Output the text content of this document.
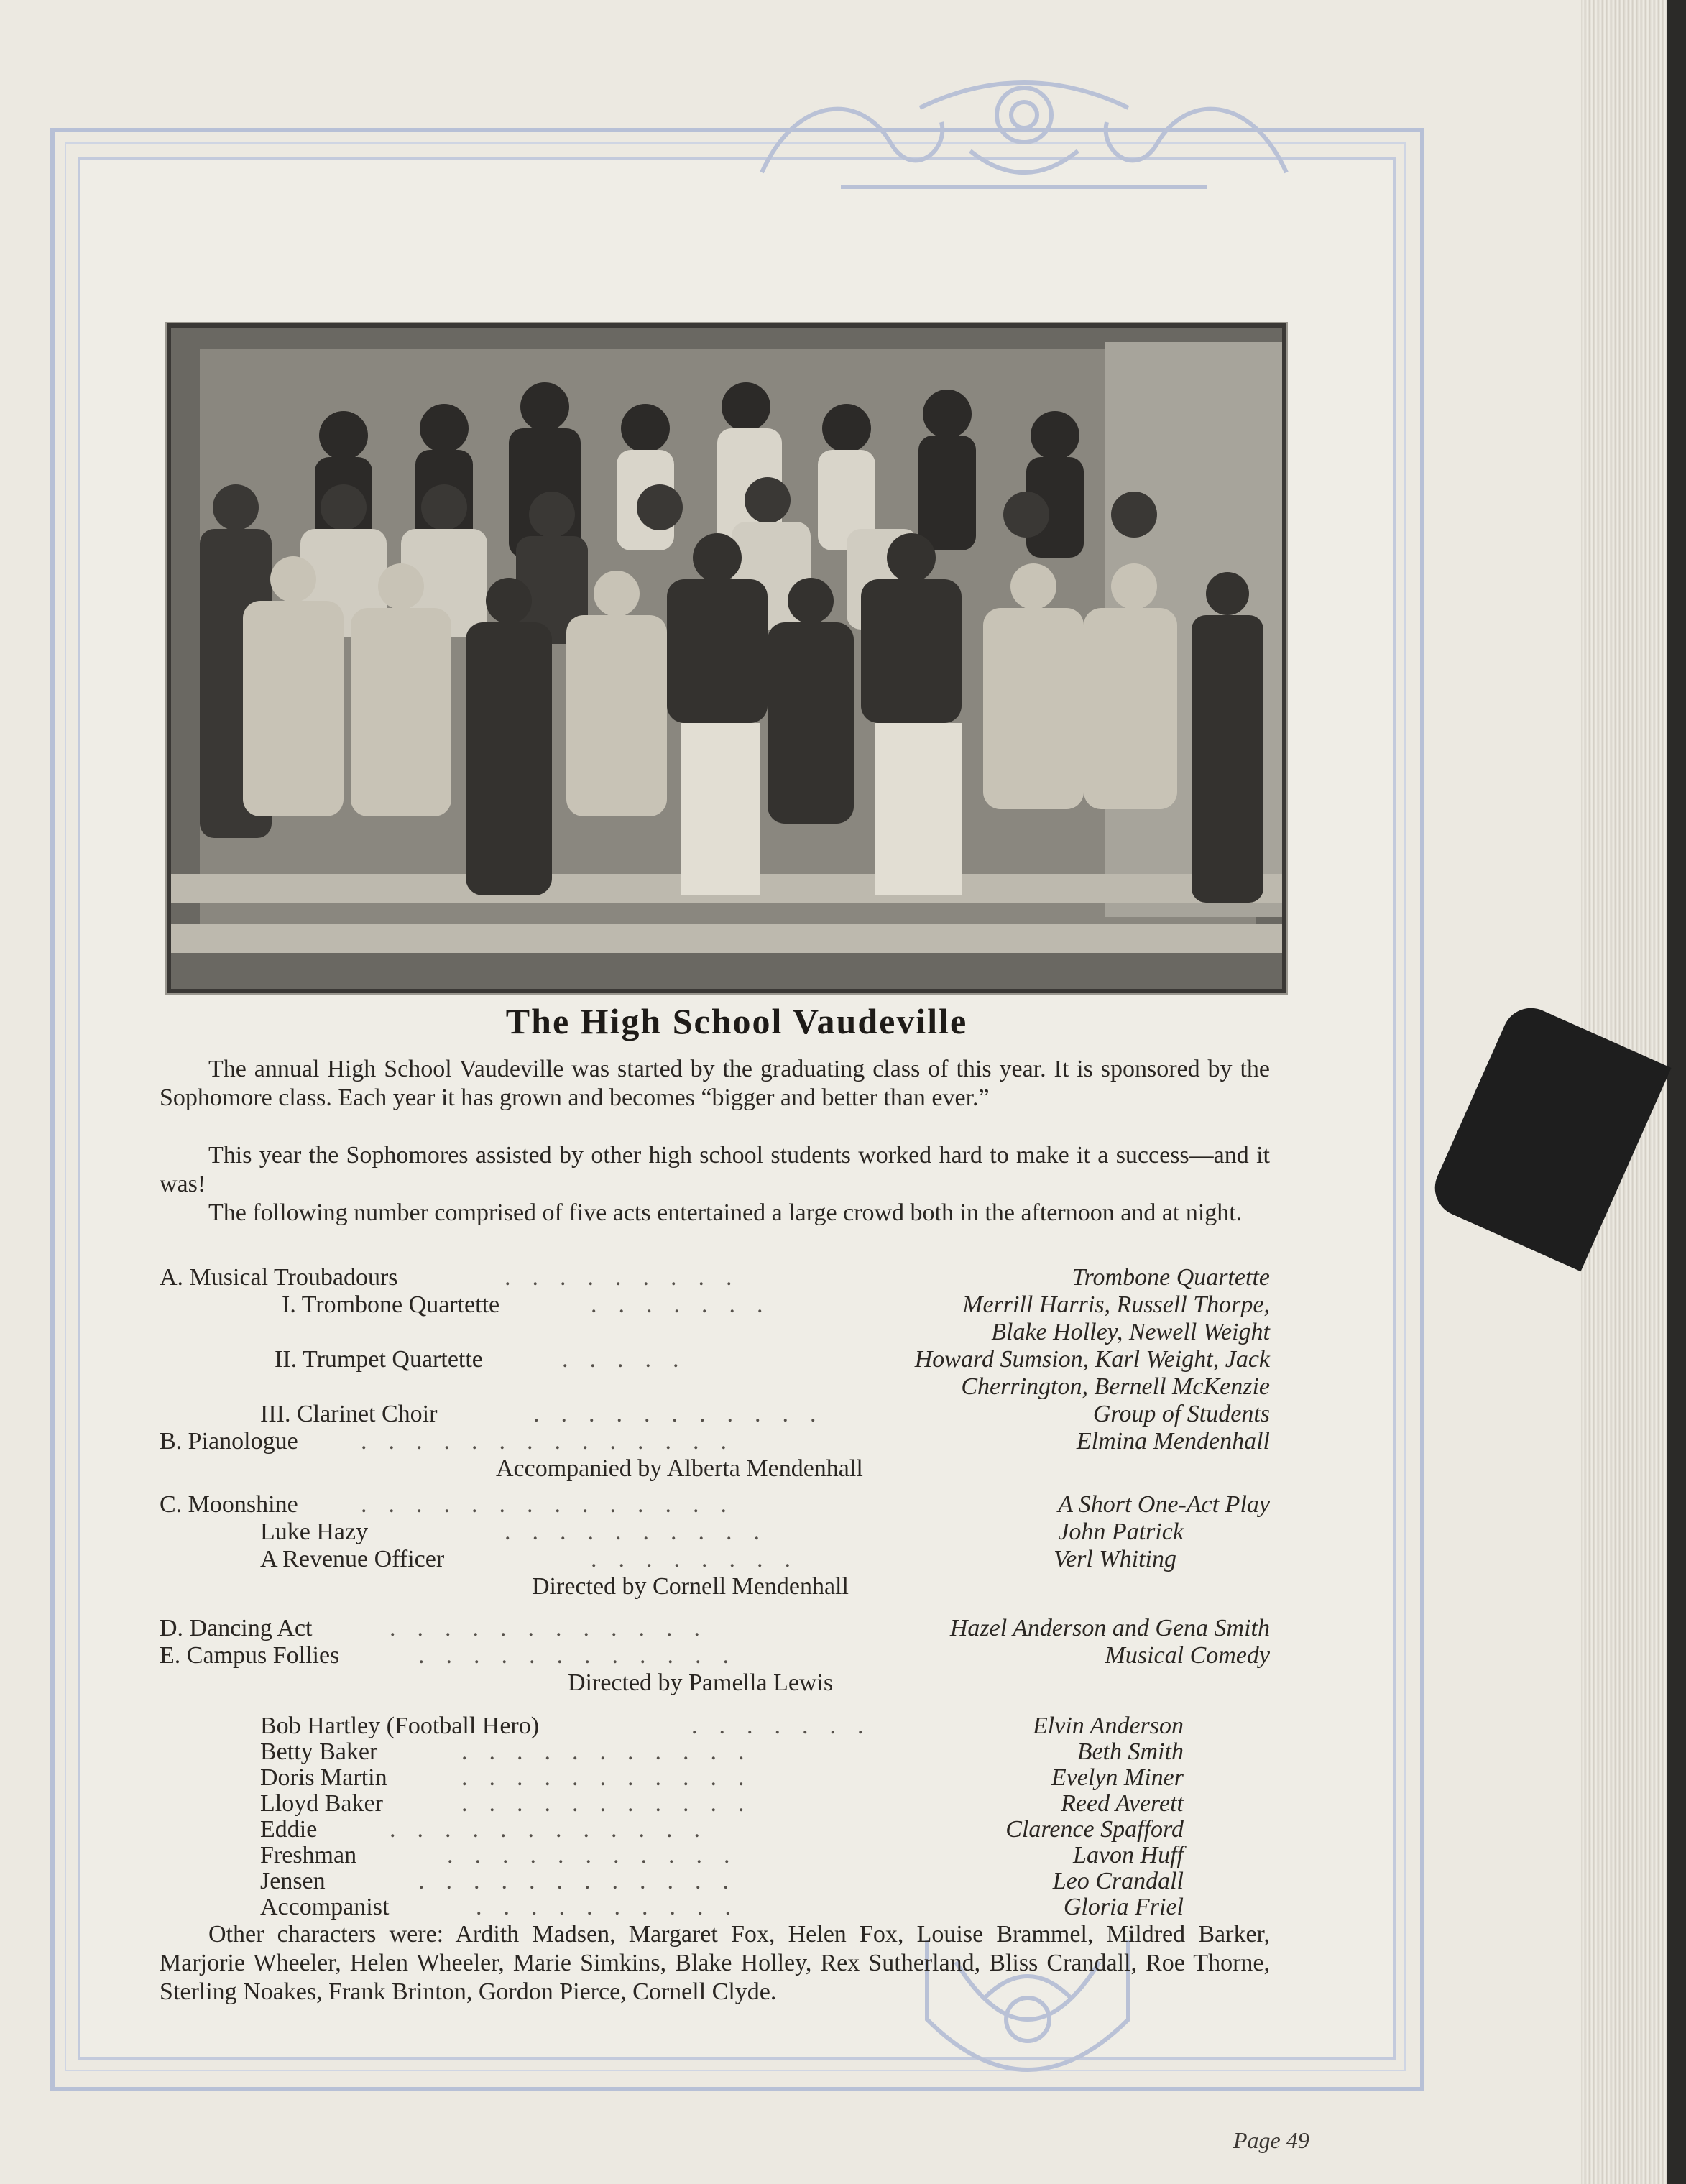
The High School Vaudeville
The annual High School Vaudeville was started by the graduating class of this year. It is sponsored by the Sophomore class. Each year it has grown and becomes “bigger and better than ever.”
This year the Sophomores assisted by other high school students worked hard to make it a success—and it was!
The following number comprised of five acts entertained a large crowd both in the afternoon and at night.
A. Musical Troubadours	.........	Trombone Quartette
I. Trombone Quartette	.......	Merrill Harris, Russell Thorpe,
Blake Holley, Newell Weight
II. Trumpet Quartette	.....	Howard Sumsion, Karl Weight, Jack
Cherrington, Bernell McKenzie
III. Clarinet Choir	...........	Group of Students
B. Pianologue	..............	Elmina Mendenhall
Accompanied by Alberta Mendenhall
C. Moonshine	..............	A Short One-Act Play
Luke Hazy	..........	John Patrick
A Revenue Officer	........	Verl Whiting
Directed by Cornell Mendenhall
D. Dancing Act	............	Hazel Anderson and Gena Smith
E. Campus Follies	............	Musical Comedy
Directed by Pamella Lewis
Bob Hartley (Football Hero)	.......	Elvin Anderson
Betty Baker	...........	Beth Smith
Doris Martin	...........	Evelyn Miner
Lloyd Baker	...........	Reed Averett
Eddie	............	Clarence Spafford
Freshman	...........	Lavon Huff
Jensen	............	Leo Crandall
Accompanist	..........	Gloria Friel
Other characters were: Ardith Madsen, Margaret Fox, Helen Fox, Louise Brammel, Mildred Barker, Marjorie Wheeler, Helen Wheeler, Marie Simkins, Blake Holley, Rex Sutherland, Bliss Crandall, Roe Thorne, Sterling Noakes, Frank Brinton, Gordon Pierce, Cornell Clyde.
Page 49
